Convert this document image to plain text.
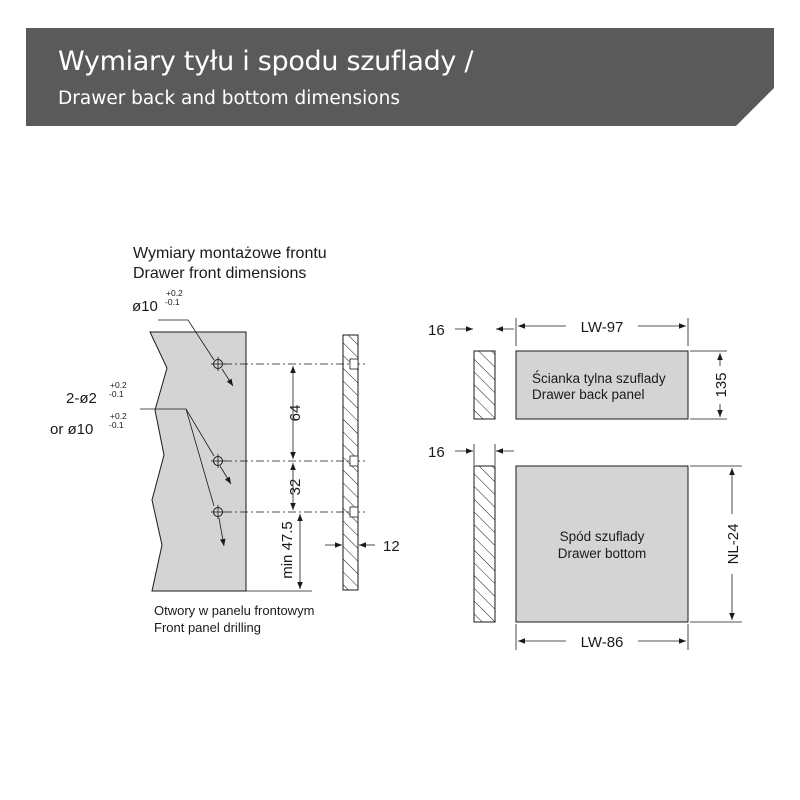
Wymiary tyłu i spodu szuflady /
Drawer back and bottom dimensions
Wymiary montażowe frontu
Drawer front dimensions
ø10
+0.2
-0.1
2-ø2
+0.2
-0.1
or ø10
+0.2
-0.1
64
32
min 47.5	12
Otwory w panelu frontowym
Front panel drilling
16
Ścianka tylna szuflady
Drawer back panel
LW-97
135
16
Spód szuflady
Drawer bottom	NL-24
LW-86
